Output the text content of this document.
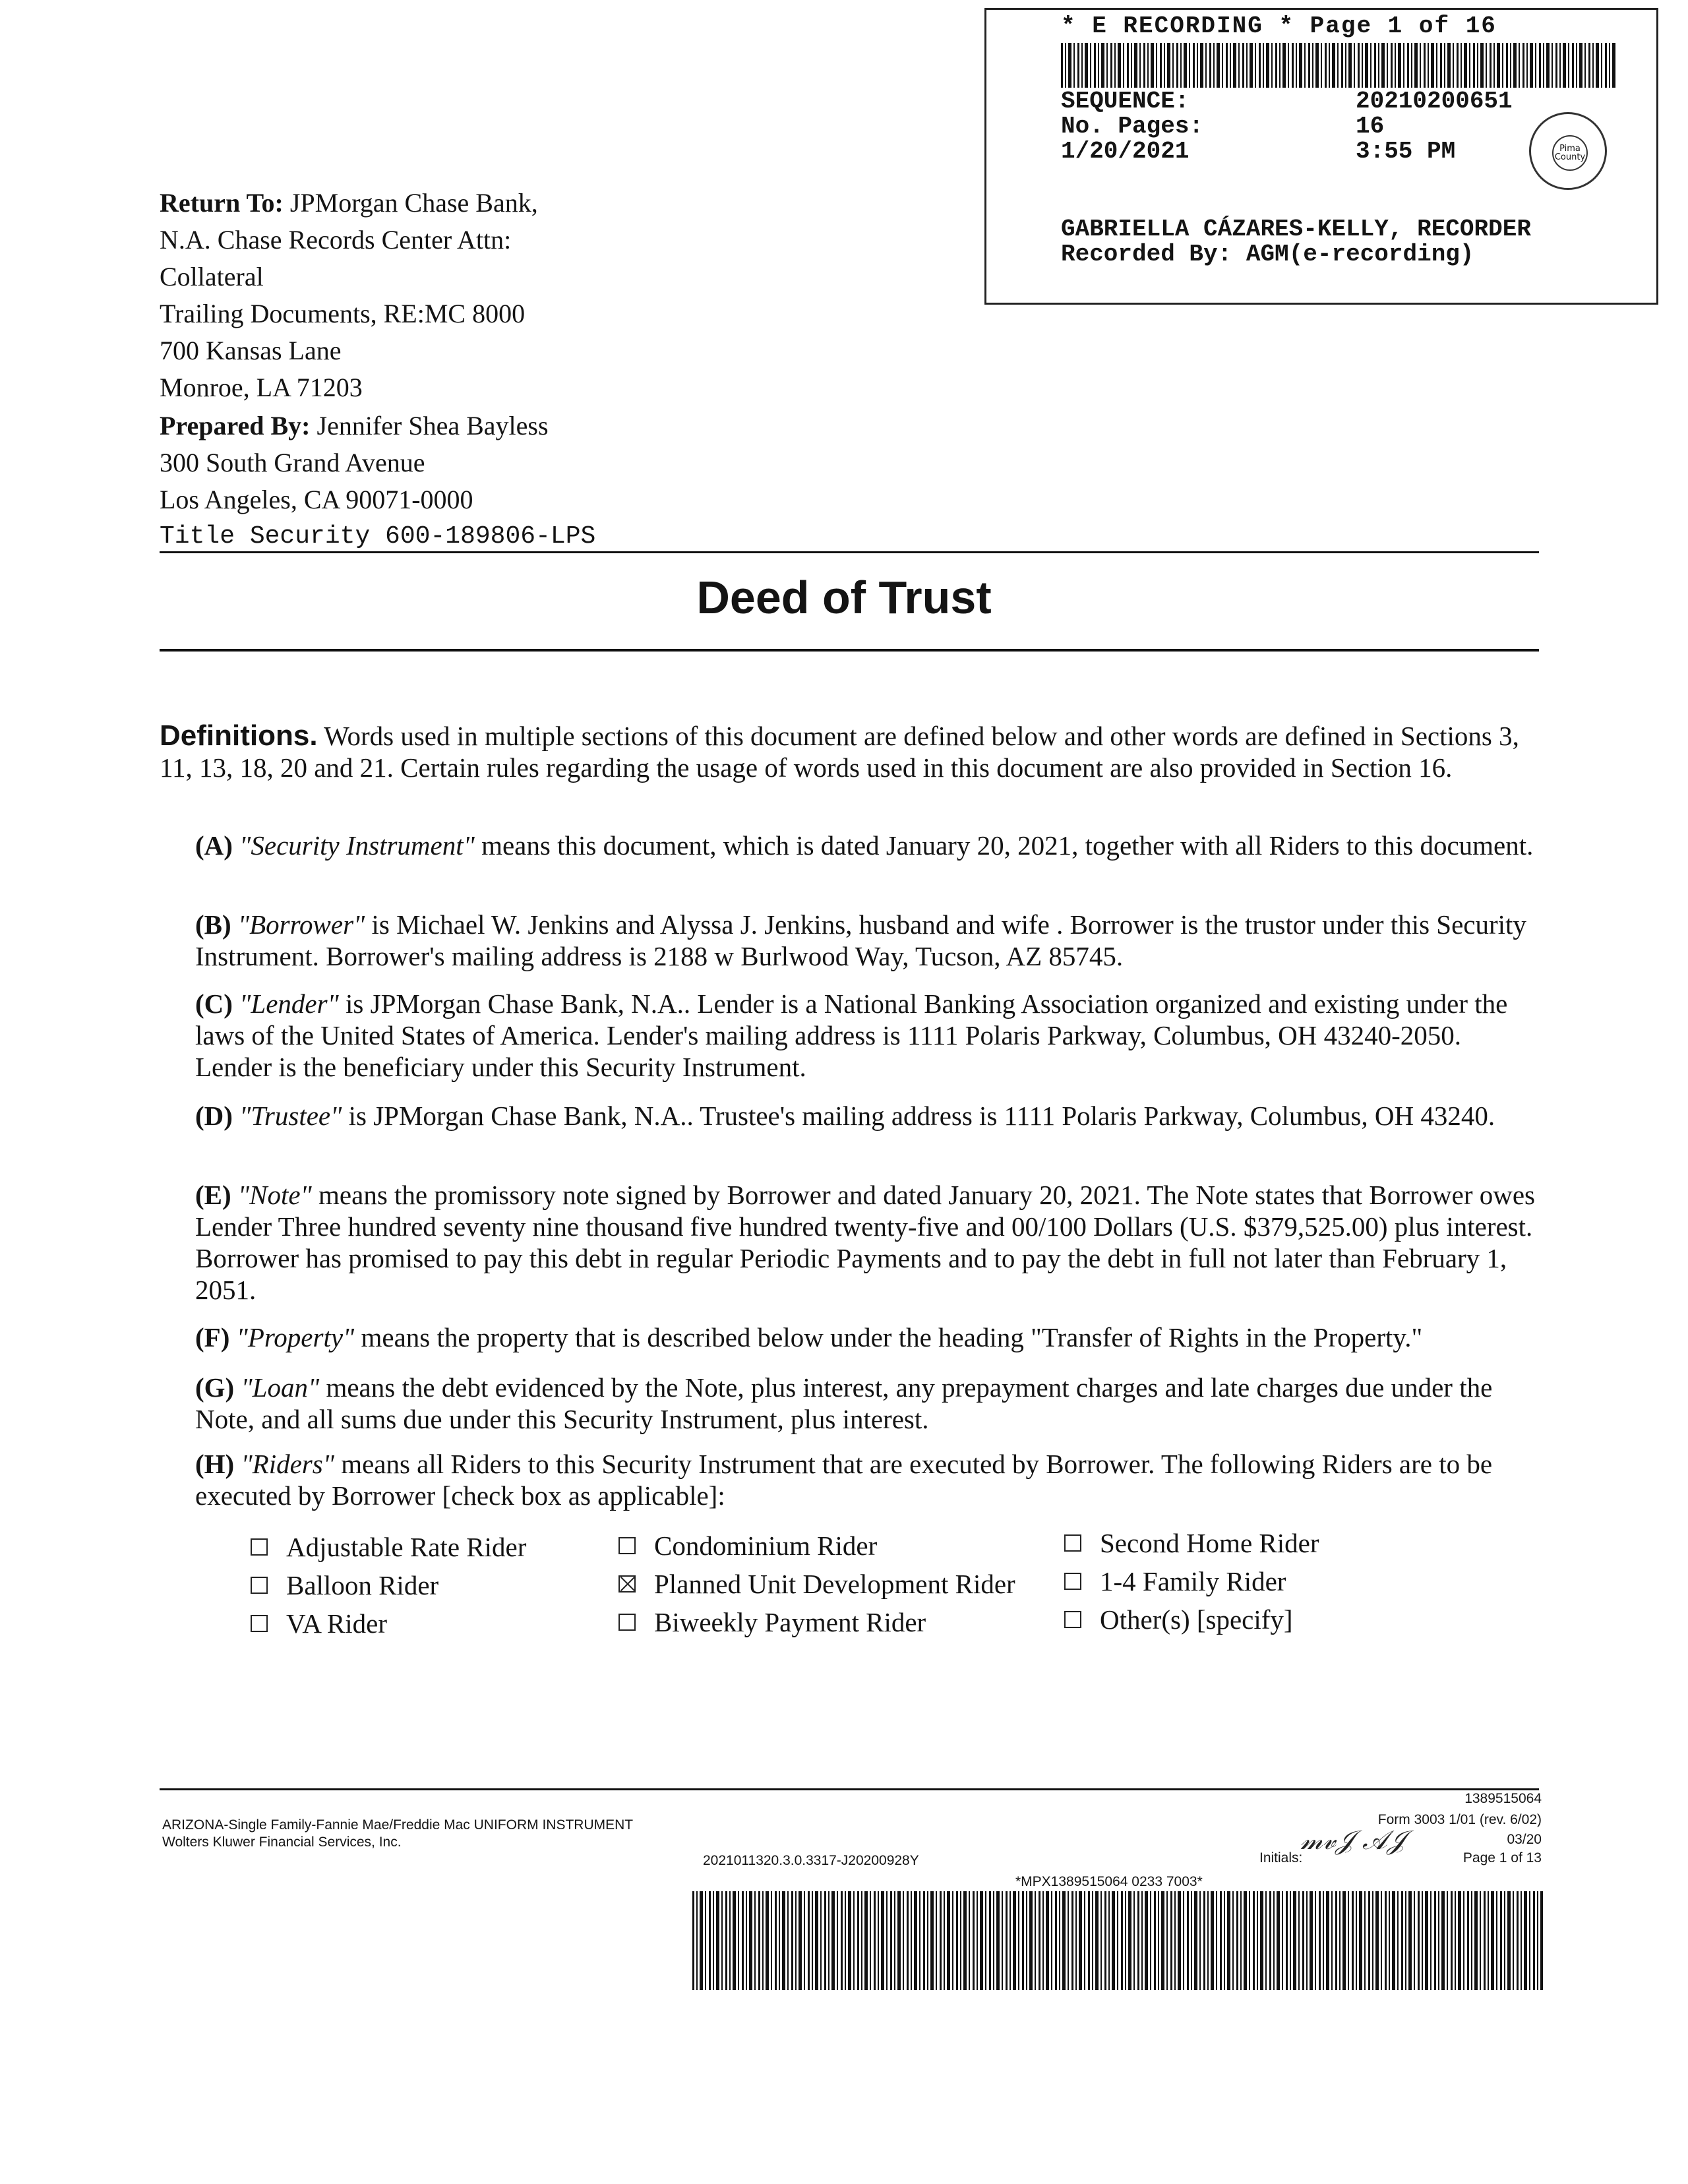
* E RECORDING * Page 1 of 16
SEQUENCE:	20210200651
No. Pages:	16
1/20/2021	3:55 PM	Pima
County
GABRIELLA CÁZARES-KELLY, RECORDER
Recorded By: AGM(e-recording)
Return To: JPMorgan Chase Bank,
N.A. Chase Records Center Attn:
Collateral
Trailing Documents, RE:MC 8000
700 Kansas Lane
Monroe, LA 71203
Prepared By: Jennifer Shea Bayless
300 South Grand Avenue
Los Angeles, CA 90071-0000
Title Security 600-189806-LPS
Deed of Trust
Definitions. Words used in multiple sections of this document are defined below and other words are defined in Sections 3, 11, 13, 18, 20 and 21. Certain rules regarding the usage of words used in this document are also provided in Section 16.
(A) "Security Instrument" means this document, which is dated January 20, 2021, together with all Riders to this document.
(B) "Borrower" is Michael W. Jenkins and Alyssa J. Jenkins, husband and wife . Borrower is the trustor under this Security Instrument. Borrower's mailing address is 2188 w Burlwood Way, Tucson, AZ 85745.
(C) "Lender" is JPMorgan Chase Bank, N.A.. Lender is a National Banking Association organized and existing under the laws of the United States of America. Lender's mailing address is 1111 Polaris Parkway, Columbus, OH 43240-2050. Lender is the beneficiary under this Security Instrument.
(D) "Trustee" is JPMorgan Chase Bank, N.A.. Trustee's mailing address is 1111 Polaris Parkway, Columbus, OH 43240.
(E) "Note" means the promissory note signed by Borrower and dated January 20, 2021. The Note states that Borrower owes Lender Three hundred seventy nine thousand five hundred twenty-five and 00/100 Dollars (U.S. $379,525.00) plus interest. Borrower has promised to pay this debt in regular Periodic Payments and to pay the debt in full not later than February 1, 2051.
(F) "Property" means the property that is described below under the heading "Transfer of Rights in the Property."
(G) "Loan" means the debt evidenced by the Note, plus interest, any prepayment charges and late charges due under the Note, and all sums due under this Security Instrument, plus interest.
(H) "Riders" means all Riders to this Security Instrument that are executed by Borrower. The following Riders are to be executed by Borrower [check box as applicable]:
Adjustable Rate Rider	Condominium Rider	Second Home Rider
Balloon Rider	Planned Unit Development Rider	1-4 Family Rider
VA Rider	Biweekly Payment Rider	Other(s) [specify]
ARIZONA-Single Family-Fannie Mae/Freddie Mac UNIFORM INSTRUMENT
Wolters Kluwer Financial Services, Inc.
2021011320.3.0.3317-J20200928Y
1389515064
Form 3003 1/01 (rev. 6/02)
03/20
Initials:
𝓂𝓋𝒥 𝒜𝒥
Page 1 of 13
*MPX1389515064 0233 7003*
